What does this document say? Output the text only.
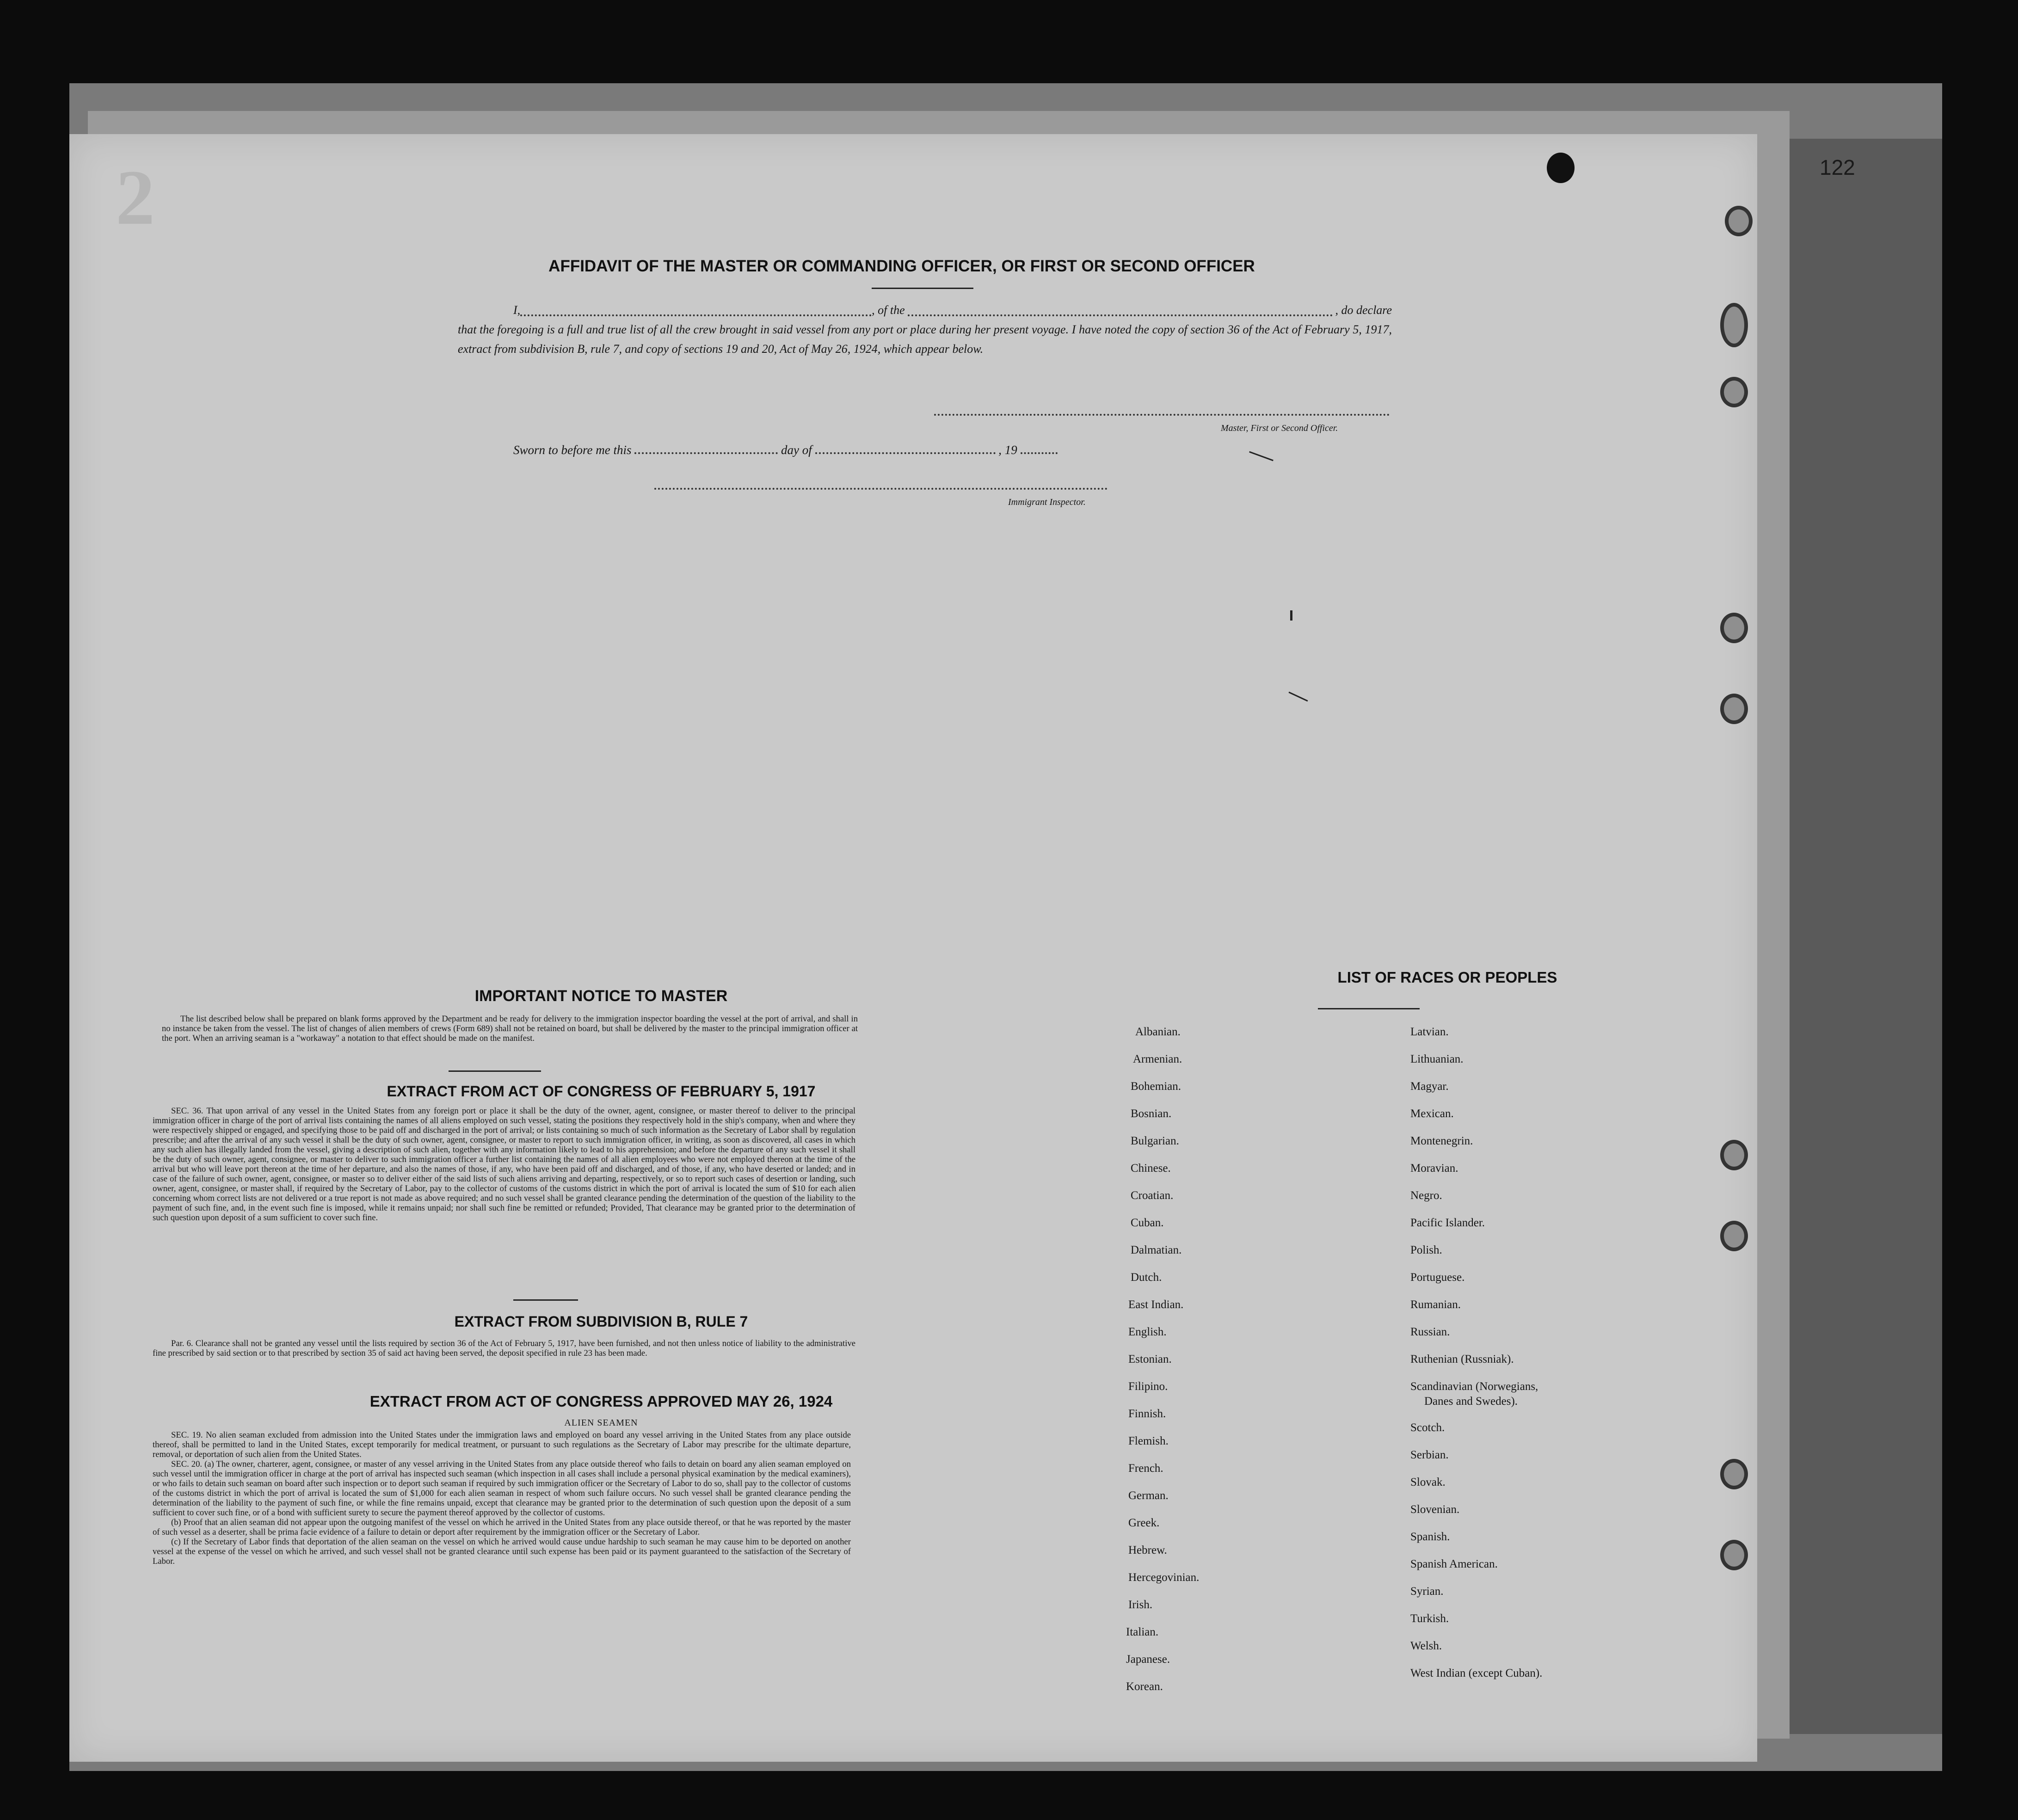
122
2
AFFIDAVIT OF THE MASTER OR COMMANDING OFFICER, OR FIRST OR SECOND OFFICER
I,	, of the	, do declare
that the foregoing is a full and true list of all the crew brought in said vessel from any port or place during her present voyage. I have noted the copy of section 36 of the Act of February 5, 1917, extract from subdivision B, rule 7, and copy of sections 19 and 20, Act of May 26, 1924, which appear below.
Master, First or Second Officer.
Sworn to before me this	day of	, 19
Immigrant Inspector.
IMPORTANT NOTICE TO MASTER
The list described below shall be prepared on blank forms approved by the Department and be ready for delivery to the immigration inspector boarding the vessel at the port of arrival, and shall in no instance be taken from the vessel. The list of changes of alien members of crews (Form 689) shall not be retained on board, but shall be delivered by the master to the principal immigration officer at the port. When an arriving seaman is a "workaway" a notation to that effect should be made on the manifest.
EXTRACT FROM ACT OF CONGRESS OF FEBRUARY 5, 1917
SEC. 36. That upon arrival of any vessel in the United States from any foreign port or place it shall be the duty of the owner, agent, consignee, or master thereof to deliver to the principal immigration officer in charge of the port of arrival lists containing the names of all aliens employed on such vessel, stating the positions they respectively hold in the ship's company, when and where they were respectively shipped or engaged, and specifying those to be paid off and discharged in the port of arrival; or lists containing so much of such information as the Secretary of Labor shall by regulation prescribe; and after the arrival of any such vessel it shall be the duty of such owner, agent, consignee, or master to report to such immigration officer, in writing, as soon as discovered, all cases in which any such alien has illegally landed from the vessel, giving a description of such alien, together with any information likely to lead to his apprehension; and before the departure of any such vessel it shall be the duty of such owner, agent, consignee, or master to deliver to such immigration officer a further list containing the names of all alien employees who were not employed thereon at the time of the arrival but who will leave port thereon at the time of her departure, and also the names of those, if any, who have been paid off and discharged, and of those, if any, who have deserted or landed; and in case of the failure of such owner, agent, consignee, or master so to deliver either of the said lists of such aliens arriving and departing, respectively, or so to report such cases of desertion or landing, such owner, agent, consignee, or master shall, if required by the Secretary of Labor, pay to the collector of customs of the customs district in which the port of arrival is located the sum of $10 for each alien concerning whom correct lists are not delivered or a true report is not made as above required; and no such vessel shall be granted clearance pending the determination of the question of the liability to the payment of such fine, and, in the event such fine is imposed, while it remains unpaid; nor shall such fine be remitted or refunded; Provided, That clearance may be granted prior to the determination of such question upon deposit of a sum sufficient to cover such fine.
EXTRACT FROM SUBDIVISION B, RULE 7
Par. 6. Clearance shall not be granted any vessel until the lists required by section 36 of the Act of February 5, 1917, have been furnished, and not then unless notice of liability to the administrative fine prescribed by said section or to that prescribed by section 35 of said act having been served, the deposit specified in rule 23 has been made.
EXTRACT FROM ACT OF CONGRESS APPROVED MAY 26, 1924
ALIEN SEAMEN
SEC. 19. No alien seaman excluded from admission into the United States under the immigration laws and employed on board any vessel arriving in the United States from any place outside thereof, shall be permitted to land in the United States, except temporarily for medical treatment, or pursuant to such regulations as the Secretary of Labor may prescribe for the ultimate departure, removal, or deportation of such alien from the United States.
SEC. 20. (a) The owner, charterer, agent, consignee, or master of any vessel arriving in the United States from any place outside thereof who fails to detain on board any alien seaman employed on such vessel until the immigration officer in charge at the port of arrival has inspected such seaman (which inspection in all cases shall include a personal physical examination by the medical examiners), or who fails to detain such seaman on board after such inspection or to deport such seaman if required by such immigration officer or the Secretary of Labor to do so, shall pay to the collector of customs of the customs district in which the port of arrival is located the sum of $1,000 for each alien seaman in respect of whom such failure occurs. No such vessel shall be granted clearance pending the determination of the liability to the payment of such fine, or while the fine remains unpaid, except that clearance may be granted prior to the determination of such question upon the deposit of a sum sufficient to cover such fine, or of a bond with sufficient surety to secure the payment thereof approved by the collector of customs.
(b) Proof that an alien seaman did not appear upon the outgoing manifest of the vessel on which he arrived in the United States from any place outside thereof, or that he was reported by the master of such vessel as a deserter, shall be prima facie evidence of a failure to detain or deport after requirement by the immigration officer or the Secretary of Labor.
(c) If the Secretary of Labor finds that deportation of the alien seaman on the vessel on which he arrived would cause undue hardship to such seaman he may cause him to be deported on another vessel at the expense of the vessel on which he arrived, and such vessel shall not be granted clearance until such expense has been paid or its payment guaranteed to the satisfaction of the Secretary of Labor.
LIST OF RACES OR PEOPLES
Albanian.
Armenian.
Bohemian.
Bosnian.
Bulgarian.
Chinese.
Croatian.
Cuban.
Dalmatian.
Dutch.
East Indian.
English.
Estonian.
Filipino.
Finnish.
Flemish.
French.
German.
Greek.
Hebrew.
Hercegovinian.
Irish.
Italian.
Japanese.
Korean.
Latvian.
Lithuanian.
Magyar.
Mexican.
Montenegrin.
Moravian.
Negro.
Pacific Islander.
Polish.
Portuguese.
Rumanian.
Russian.
Ruthenian (Russniak).
Scandinavian (Norwegians,
Danes and Swedes).
Scotch.
Serbian.
Slovak.
Slovenian.
Spanish.
Spanish American.
Syrian.
Turkish.
Welsh.
West Indian (except Cuban).
